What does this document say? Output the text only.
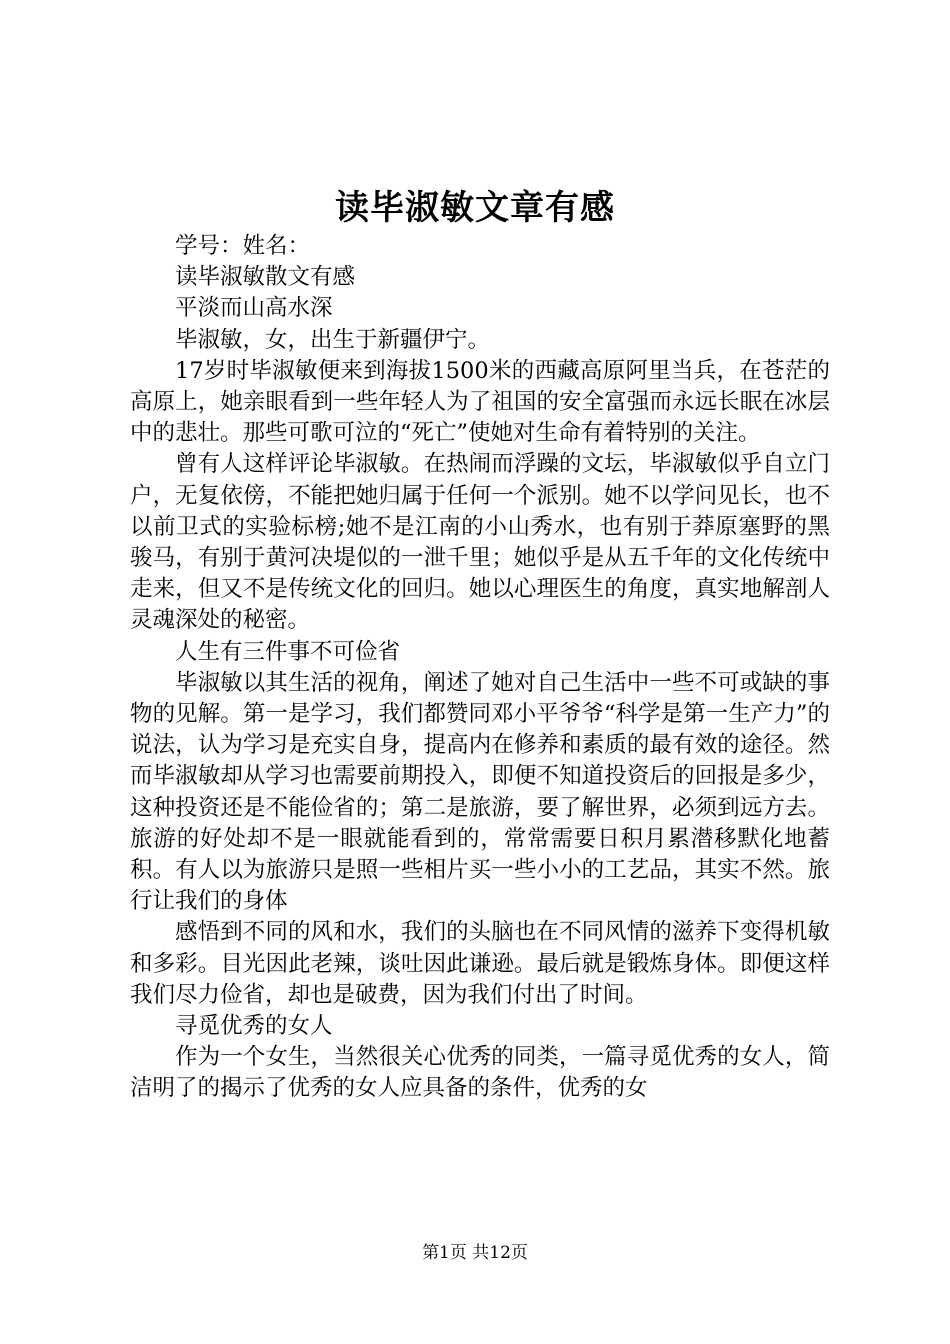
读毕淑敏文章有感

学号：姓名：

读毕淑敏散文有感

平淡而山高水深

毕淑敏，女，出生于新疆伊宁。

17岁时毕淑敏便来到海拔1500米的西藏高原阿里当兵，在苍茫的高原上，她亲眼看到一些年轻人为了祖国的安全富强而永远长眠在冰层中的悲壮。那些可歌可泣的“死亡”使她对生命有着特别的关注。

曾有人这样评论毕淑敏。在热闹而浮躁的文坛，毕淑敏似乎自立门户，无复依傍，不能把她归属于任何一个派别。她不以学问见长，也不以前卫式的实验标榜;她不是江南的小山秀水，也有别于莽原塞野的黑骏马，有别于黄河决堤似的一泄千里；她似乎是从五千年的文化传统中走来，但又不是传统文化的回归。她以心理医生的角度，真实地解剖人灵魂深处的秘密。

人生有三件事不可俭省

毕淑敏以其生活的视角，阐述了她对自己生活中一些不可或缺的事物的见解。第一是学习，我们都赞同邓小平爷爷“科学是第一生产力”的说法，认为学习是充实自身，提高内在修养和素质的最有效的途径。然而毕淑敏却从学习也需要前期投入，即便不知道投资后的回报是多少，这种投资还是不能俭省的；第二是旅游，要了解世界，必须到远方去。旅游的好处却不是一眼就能看到的，常常需要日积月累潜移默化地蓄积。有人以为旅游只是照一些相片买一些小小的工艺品，其实不然。旅行让我们的身体

感悟到不同的风和水，我们的头脑也在不同风情的滋养下变得机敏和多彩。目光因此老辣，谈吐因此谦逊。最后就是锻炼身体。即便这样我们尽力俭省，却也是破费，因为我们付出了时间。

寻觅优秀的女人

作为一个女生，当然很关心优秀的同类，一篇寻觅优秀的女人，简洁明了的揭示了优秀的女人应具备的条件，优秀的女

第1页 共12页
